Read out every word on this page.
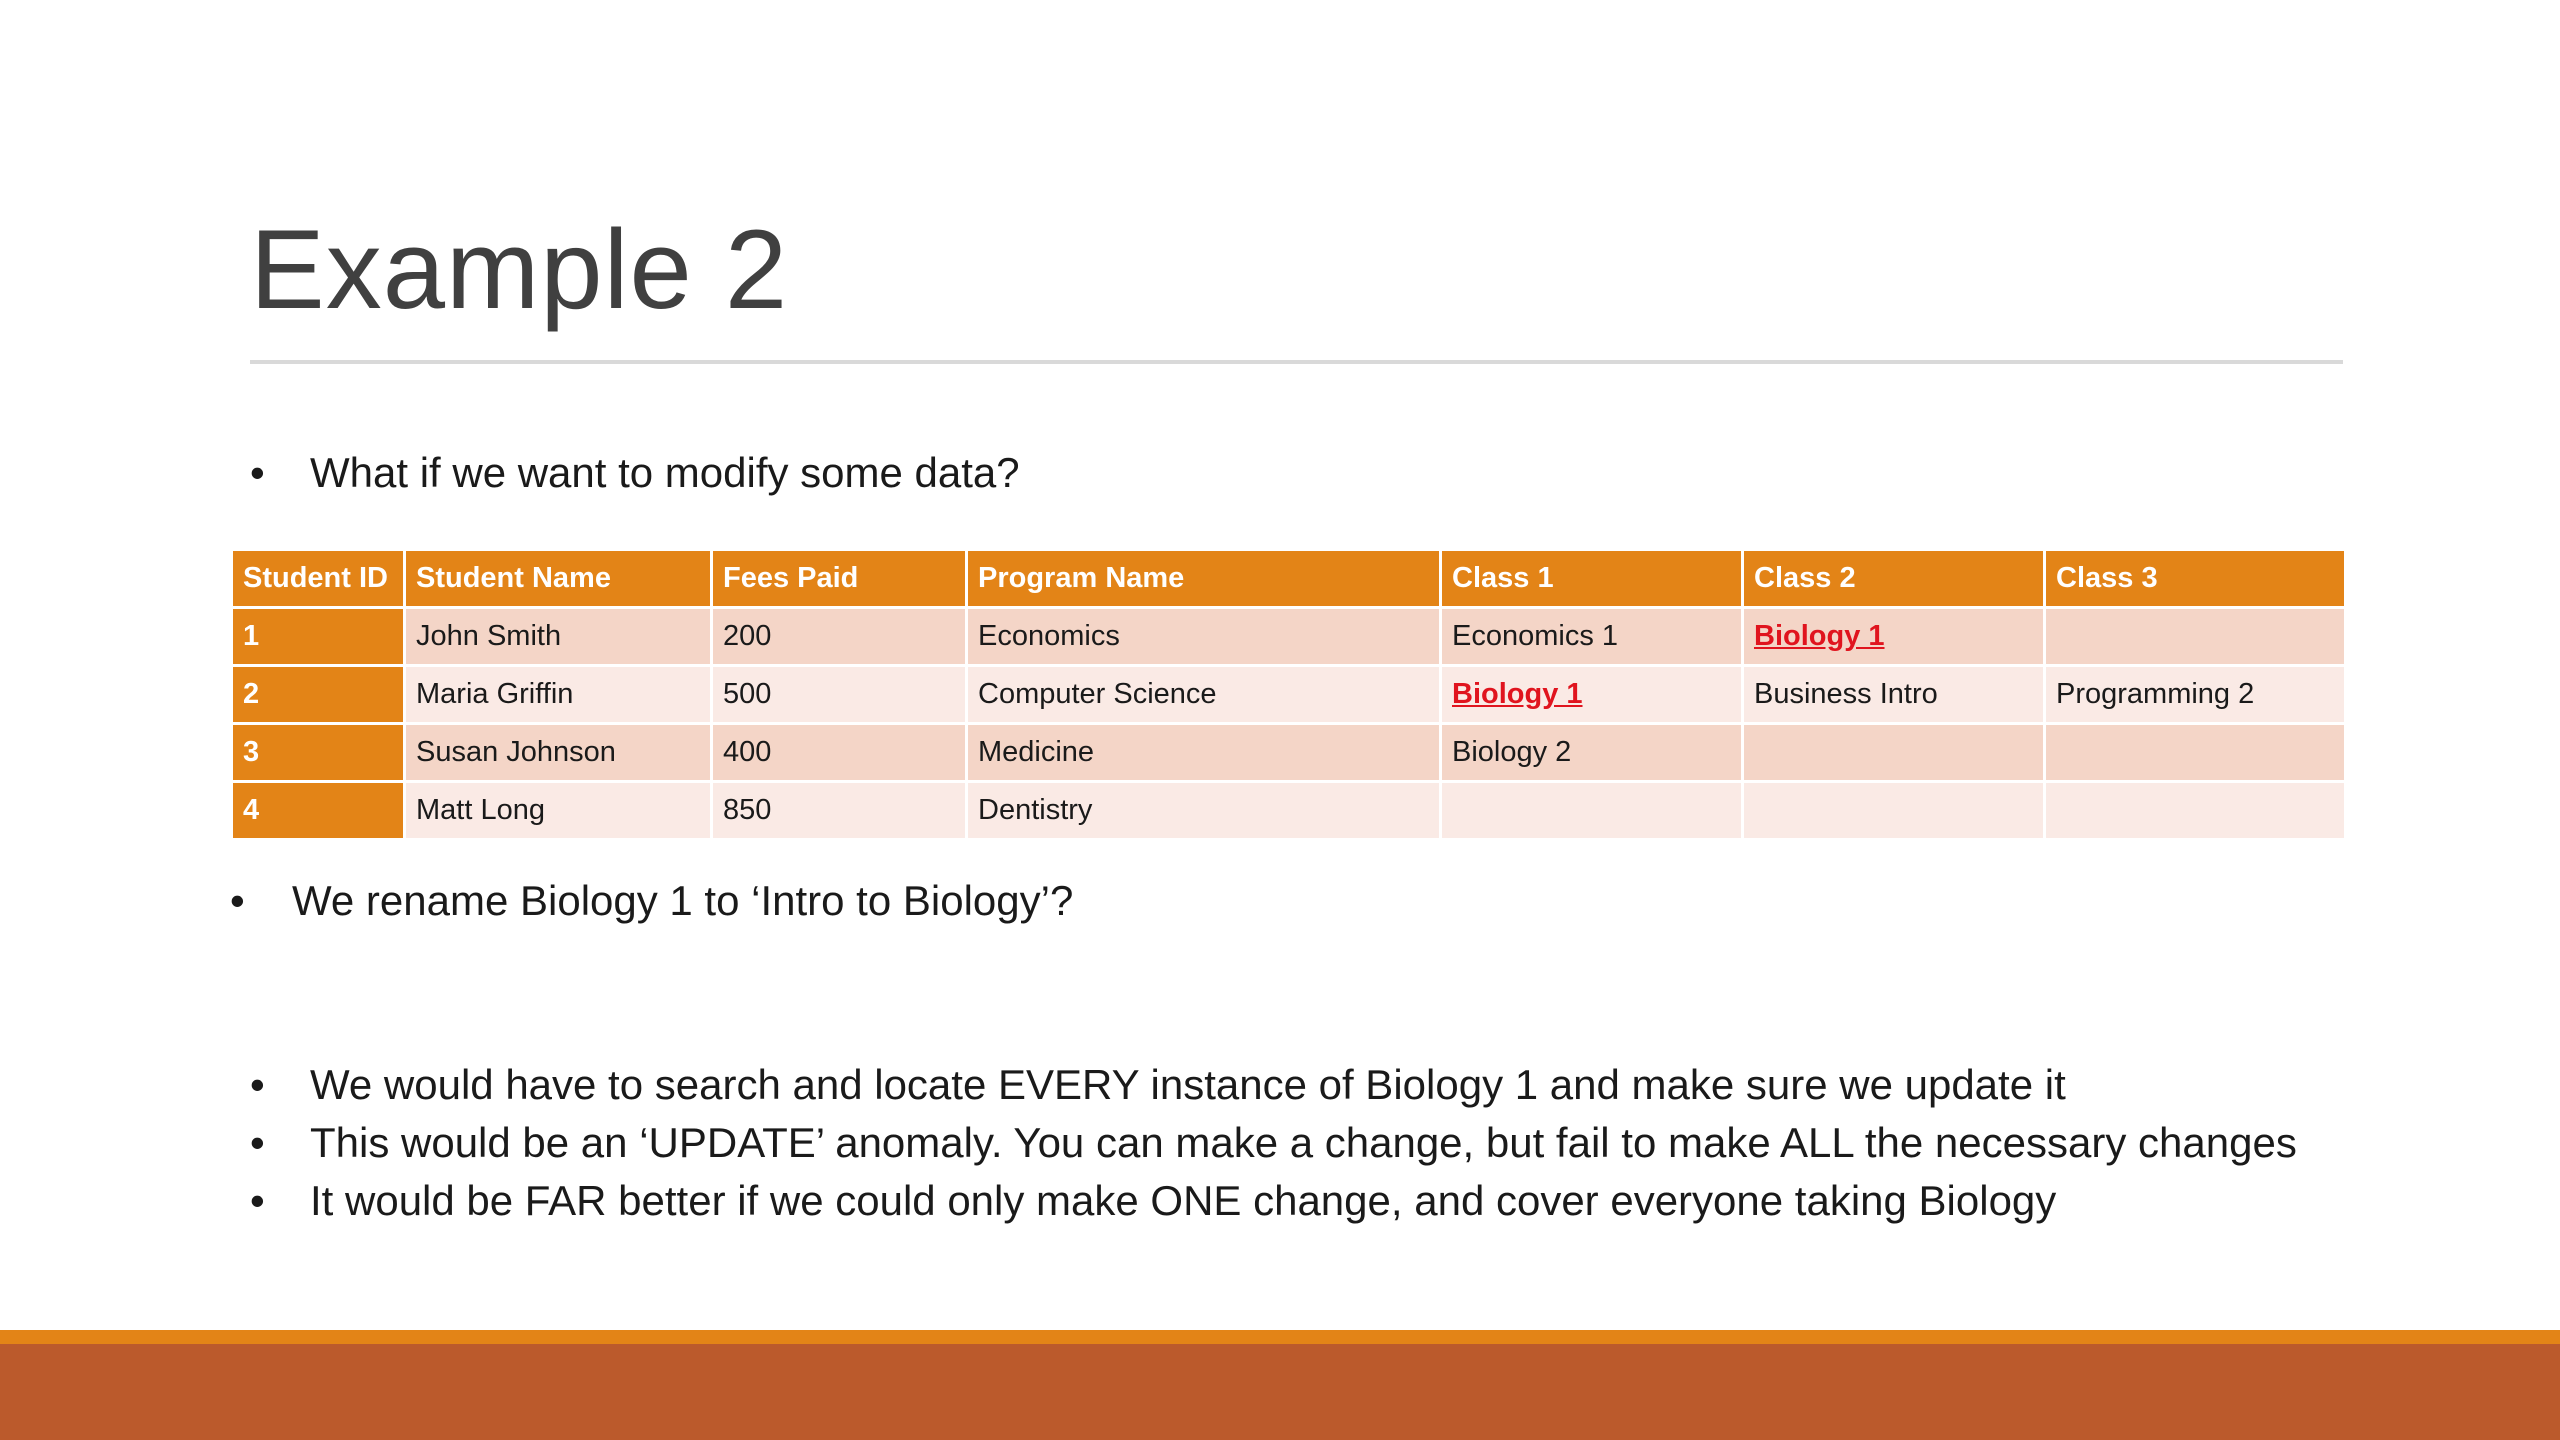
Example 2
• What if we want to modify some data?
Student ID	Student Name	Fees Paid	Program Name	Class 1	Class 2	Class 3
1	John Smith	200	Economics	Economics 1	Biology 1	
2	Maria Griffin	500	Computer Science	Biology 1	Business Intro	Programming 2
3	Susan Johnson	400	Medicine	Biology 2		
4	Matt Long	850	Dentistry			
• We rename Biology 1 to ‘Intro to Biology’?
• We would have to search and locate EVERY instance of Biology 1 and make sure we update it
• This would be an ‘UPDATE’ anomaly. You can make a change, but fail to make ALL the necessary changes
• It would be FAR better if we could only make ONE change, and cover everyone taking Biology
